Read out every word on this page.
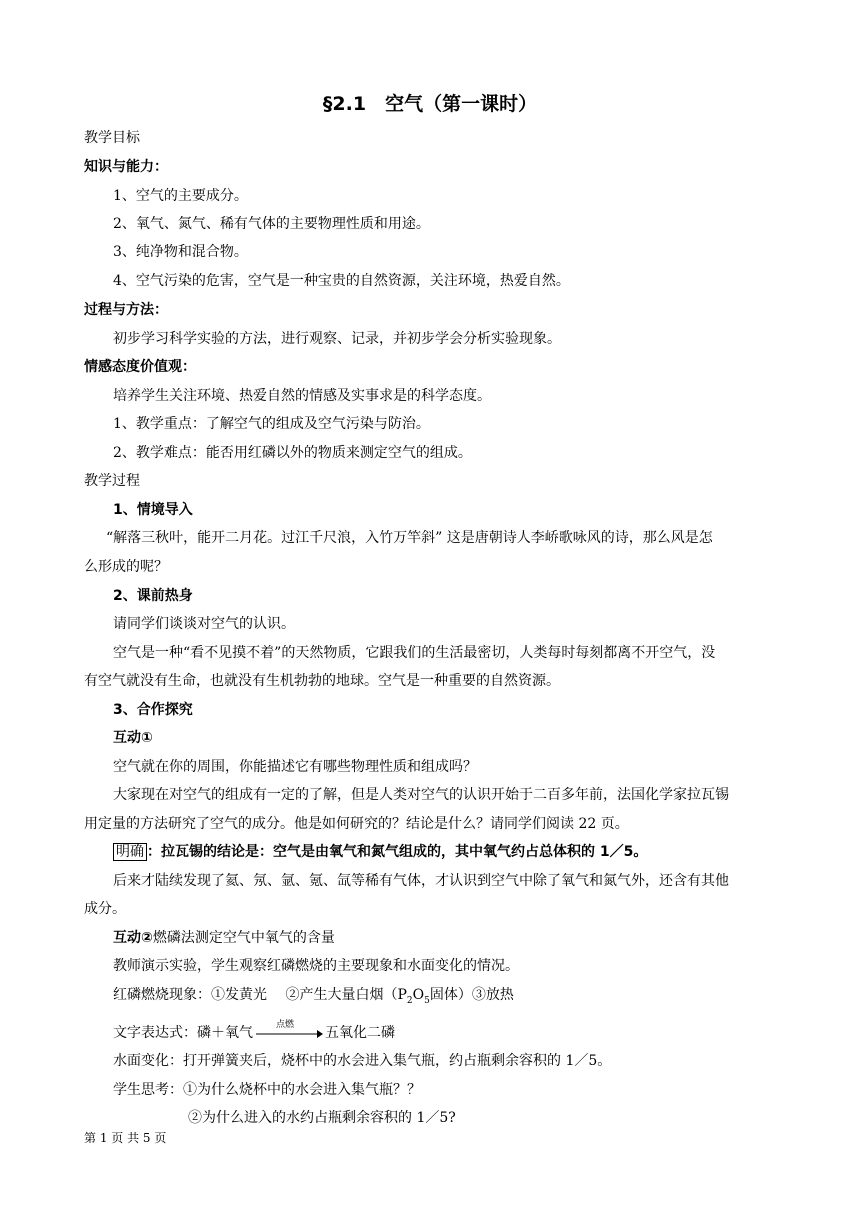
§2.1　空气（第一课时）
教学目标
知识与能力：
1、空气的主要成分。
2、氧气、氮气、稀有气体的主要物理性质和用途。
3、纯净物和混合物。
4、空气污染的危害，空气是一种宝贵的自然资源，关注环境，热爱自然。
过程与方法：
初步学习科学实验的方法，进行观察、记录，并初步学会分析实验现象。
情感态度价值观：
培养学生关注环境、热爱自然的情感及实事求是的科学态度。
1、教学重点：了解空气的组成及空气污染与防治。
2、教学难点：能否用红磷以外的物质来测定空气的组成。
教学过程
1、情境导入
“解落三秋叶，能开二月花。过江千尺浪，入竹万竿斜” 这是唐朝诗人李峤歌咏风的诗，那么风是怎
么形成的呢？
2、课前热身
请同学们谈谈对空气的认识。
空气是一种“看不见摸不着”的天然物质，它跟我们的生活最密切，人类每时每刻都离不开空气，没
有空气就没有生命，也就没有生机勃勃的地球。空气是一种重要的自然资源。
3、合作探究
互动①
空气就在你的周围，你能描述它有哪些物理性质和组成吗？
大家现在对空气的组成有一定的了解，但是人类对空气的认识开始于二百多年前，法国化学家拉瓦锡
用定量的方法研究了空气的成分。他是如何研究的？结论是什么？请同学们阅读 22 页。
明确 ：拉瓦锡的结论是：空气是由氧气和氮气组成的，其中氧气约占总体积的 1／5。
后来才陆续发现了氦、氖、氩、氪、氙等稀有气体，才认识到空气中除了氧气和氮气外，还含有其他
成分。
互动②燃磷法测定空气中氧气的含量
教师演示实验，学生观察红磷燃烧的主要现象和水面变化的情况。
红磷燃烧现象：①发黄光　 ②产生大量白烟（$P_2O_5$固体）③放热
文字表达式：磷＋氧气	点燃	五氧化二磷
水面变化：打开弹簧夹后，烧杯中的水会进入集气瓶，约占瓶剩余容积的 1／5。
学生思考：①为什么烧杯中的水会进入集气瓶？？
②为什么进入的水约占瓶剩余容积的 1／5?
第 1 页 共 5 页
